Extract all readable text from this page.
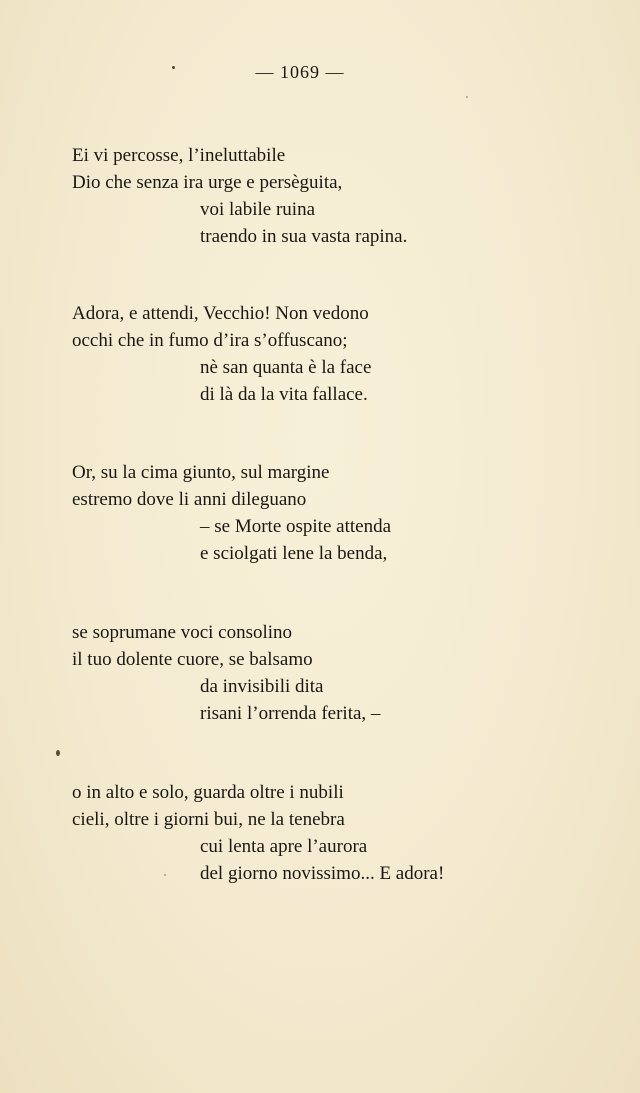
— 1069 —
Ei vi percosse, l’ineluttabile
Dio che senza ira urge e persèguita,
voi labile ruina
traendo in sua vasta rapina.
Adora, e attendi, Vecchio! Non vedono
occhi che in fumo d’ira s’offuscano;
nè san quanta è la face
di là da la vita fallace.
Or, su la cima giunto, sul margine
estremo dove li anni dileguano
– se Morte ospite attenda
e sciolgati lene la benda,
se soprumane voci consolino
il tuo dolente cuore, se balsamo
da invisibili dita
risani l’orrenda ferita, –
o in alto e solo, guarda oltre i nubili
cieli, oltre i giorni bui, ne la tenebra
cui lenta apre l’aurora
del giorno novissimo... E adora!
